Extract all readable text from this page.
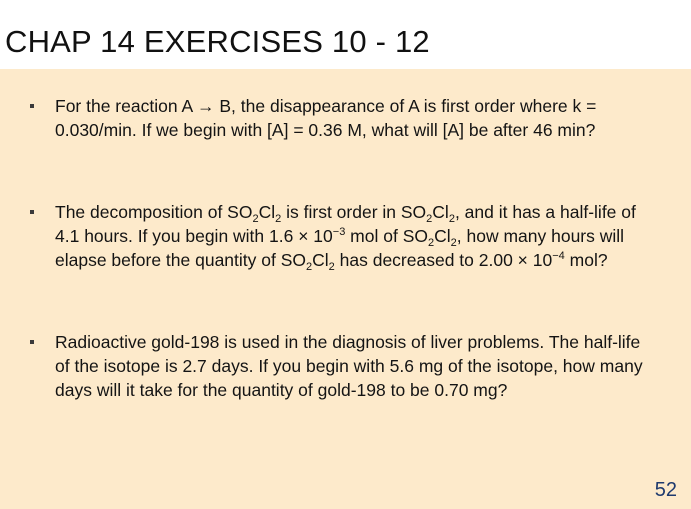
CHAP 14 EXERCISES 10 - 12
For the reaction A → B, the disappearance of A is first order where k = 0.030/min. If we begin with [A] = 0.36 M, what will [A] be after 46 min?
The decomposition of $SO_2Cl_2$ is first order in $SO_2Cl_2$, and it has a half-life of 4.1 hours. If you begin with $1.6 \times 10^{-3}$ mol of $SO_2Cl_2$, how many hours will elapse before the quantity of $SO_2Cl_2$ has decreased to $2.00 \times 10^{-4}$ mol?
Radioactive gold-198 is used in the diagnosis of liver problems. The half-life of the isotope is 2.7 days. If you begin with 5.6 mg of the isotope, how many days will it take for the quantity of gold-198 to be 0.70 mg?
52
